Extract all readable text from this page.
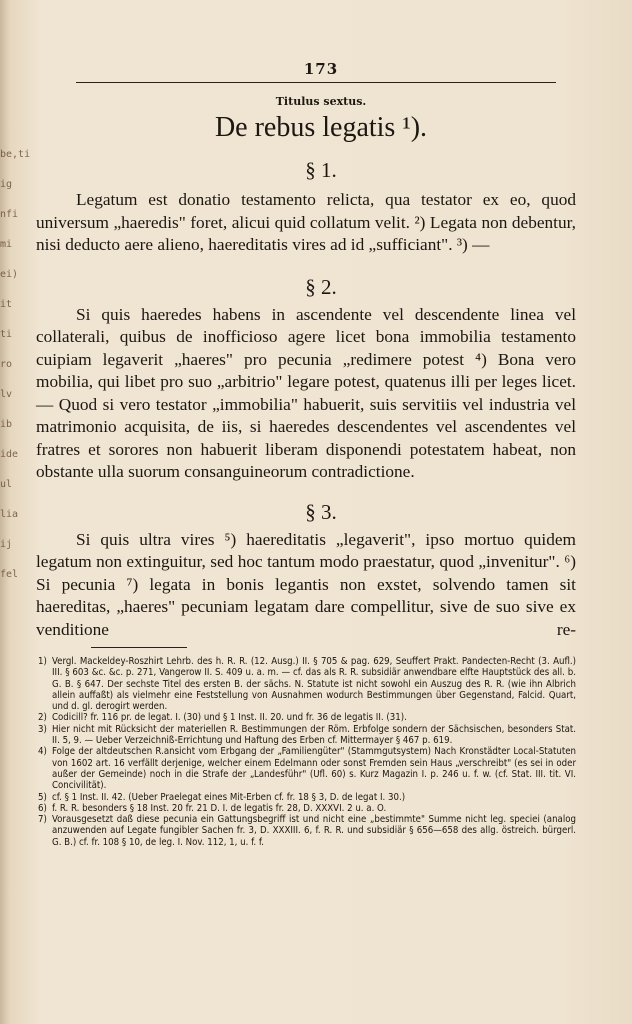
be,ti ig nfi mi ei) it ti ro lv ib ide ul lia ij fel
173
Titulus sextus.
De rebus legatis ¹).
§ 1.

Legatum est donatio testamento relicta, qua testator ex eo, quod universum „haeredis" foret, alicui quid collatum velit. ²) Legata non debentur, nisi deducto aere alieno, haereditatis vires ad id „sufficiant". ³) —

§ 2.

Si quis haeredes habens in ascendente vel descendente linea vel collaterali, quibus de inofficioso agere licet bona immobilia testamento cuipiam legaverit „haeres" pro pecunia „redimere potest ⁴) Bona vero mobilia, qui libet pro suo „arbitrio" legare potest, quatenus illi per leges licet. — Quod si vero testator „immobilia" habuerit, suis servitiis vel industria vel matrimonio acquisita, de iis, si haeredes descendentes vel ascendentes vel fratres et sorores non habuerit liberam disponendi potestatem habeat, non obstante ulla suorum consanguineorum contradictione.

§ 3.

Si quis ultra vires ⁵) haereditatis „legaverit", ipso mortuo quidem legatum non extinguitur, sed hoc tantum modo praestatur, quod „invenitur". ⁶) Si pecunia ⁷) legata in bonis legantis non exstet, solvendo tamen sit haereditas, „haeres" pecuniam legatam dare compellitur, sive de suo sive ex venditione re-

1) Vergl. Mackeldey-Roszhirt Lehrb. des h. R. R. (12. Ausg.) II. § 705 & pag. 629, Seuffert Prakt. Pandecten-Recht (3. Aufl.) III. § 603 &c. &c. p. 271, Vangerow II. S. 409 u. a. m. — cf. das als R. R. subsidiär anwendbare elfte Hauptstück des all. b. G. B. § 647. Der sechste Titel des ersten B. der sächs. N. Statute ist nicht sowohl ein Auszug des R. R. (wie ihn Albrich allein auffaßt) als vielmehr eine Feststellung von Ausnahmen wodurch Bestimmungen über Gegenstand, Falcid. Quart, und d. gl. derogirt werden.
2) Codicill? fr. 116 pr. de legat. I. (30) und § 1 Inst. II. 20. und fr. 36 de legatis II. (31).
3) Hier nicht mit Rücksicht der materiellen R. Bestimmungen der Röm. Erbfolge sondern der Sächsischen, besonders Stat. II. 5, 9. — Ueber Verzeichniß-Errichtung und Haftung des Erben cf. Mittermayer § 467 p. 619.
4) Folge der altdeutschen R.ansicht vom Erbgang der „Familiengüter" (Stammgutsystem) Nach Kronstädter Local-Statuten von 1602 art. 16 verfällt derjenige, welcher einem Edelmann oder sonst Fremden sein Haus „verschreibt" (es sei in oder außer der Gemeinde) noch in die Strafe der „Landesführ" (Ufl. 60) s. Kurz Magazin I. p. 246 u. f. w. (cf. Stat. III. tit. VI. Concivilität).
5) cf. § 1 Inst. II. 42. (Ueber Praelegat eines Mit-Erben cf. fr. 18 § 3, D. de legat I. 30.)
6) f. R. R. besonders § 18 Inst. 20 fr. 21 D. I. de legatis fr. 28, D. XXXVI. 2 u. a. O.
7) Vorausgesetzt daß diese pecunia ein Gattungsbegriff ist und nicht eine „bestimmte" Summe nicht leg. speciei (analog anzuwenden auf Legate fungibler Sachen fr. 3, D. XXXIII. 6, f. R. R. und subsidiär § 656—658 des allg. östreich. bürgerl. G. B.) cf. fr. 108 § 10, de leg. I. Nov. 112, 1, u. f. f.
